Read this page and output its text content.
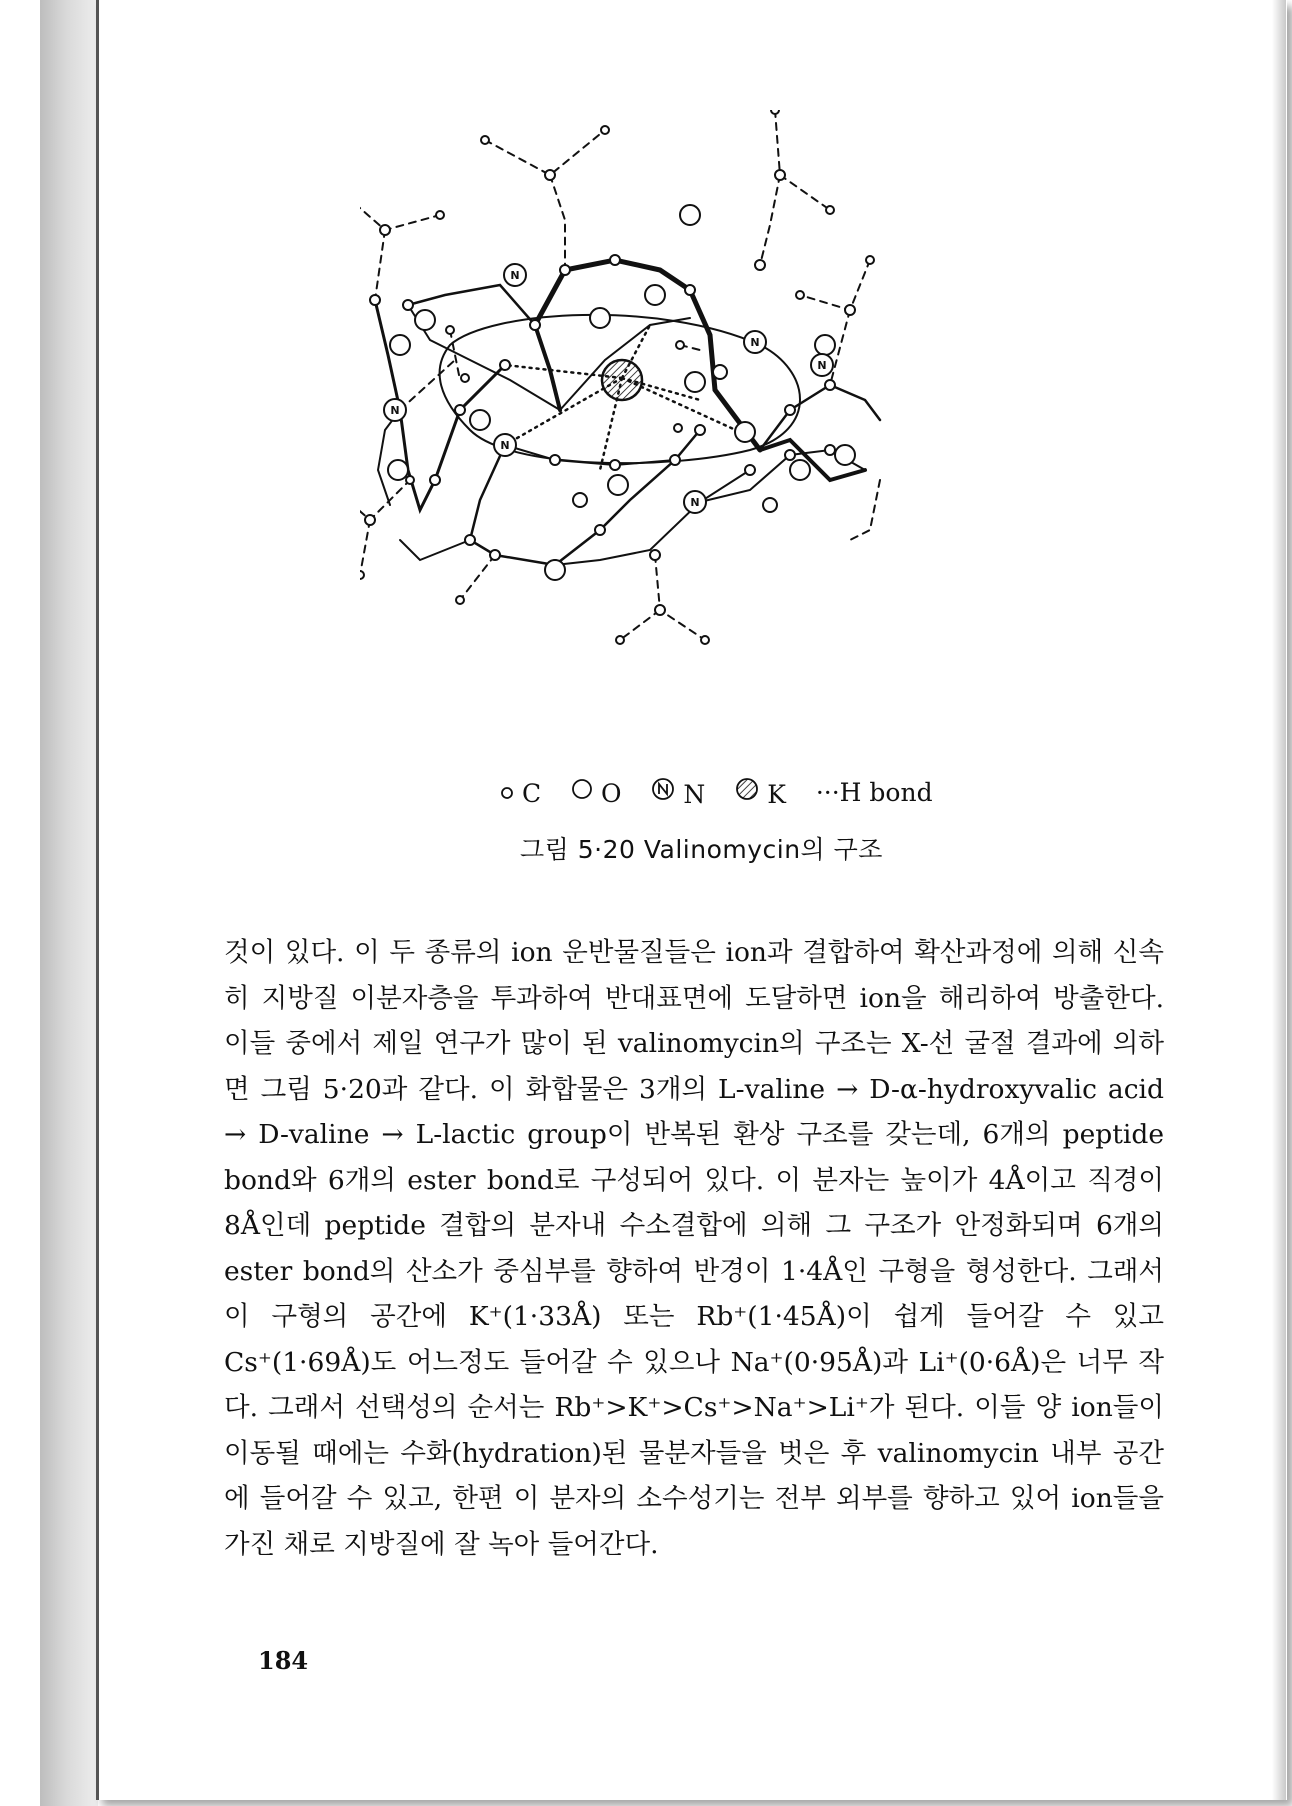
N
N
N
N
N
N
C O N K ···H bond
그림 5·20 Valinomycin의 구조

것이 있다. 이 두 종류의 ion 운반물질들은 ion과 결합하여 확산과정에 의해 신속히 지방질 이분자층을 투과하여 반대표면에 도달하면 ion을 해리하여 방출한다. 이들 중에서 제일 연구가 많이 된 valinomycin의 구조는 X-선 굴절 결과에 의하면 그림 5·20과 같다. 이 화합물은 3개의 L-valine → D-α-hydroxyvalic acid → D-valine → L-lactic group이 반복된 환상 구조를 갖는데, 6개의 peptide bond와 6개의 ester bond로 구성되어 있다. 이 분자는 높이가 4Å이고 직경이 8Å인데 peptide 결합의 분자내 수소결합에 의해 그 구조가 안정화되며 6개의 ester bond의 산소가 중심부를 향하여 반경이 1·4Å인 구형을 형성한다. 그래서 이 구형의 공간에 K⁺(1·33Å) 또는 Rb⁺(1·45Å)이 쉽게 들어갈 수 있고 Cs⁺(1·69Å)도 어느정도 들어갈 수 있으나 Na⁺(0·95Å)과 Li⁺(0·6Å)은 너무 작다. 그래서 선택성의 순서는 Rb⁺>K⁺>Cs⁺>Na⁺>Li⁺가 된다. 이들 양 ion들이 이동될 때에는 수화(hydration)된 물분자들을 벗은 후 valinomycin 내부 공간에 들어갈 수 있고, 한편 이 분자의 소수성기는 전부 외부를 향하고 있어 ion들을 가진 채로 지방질에 잘 녹아 들어간다.

184
